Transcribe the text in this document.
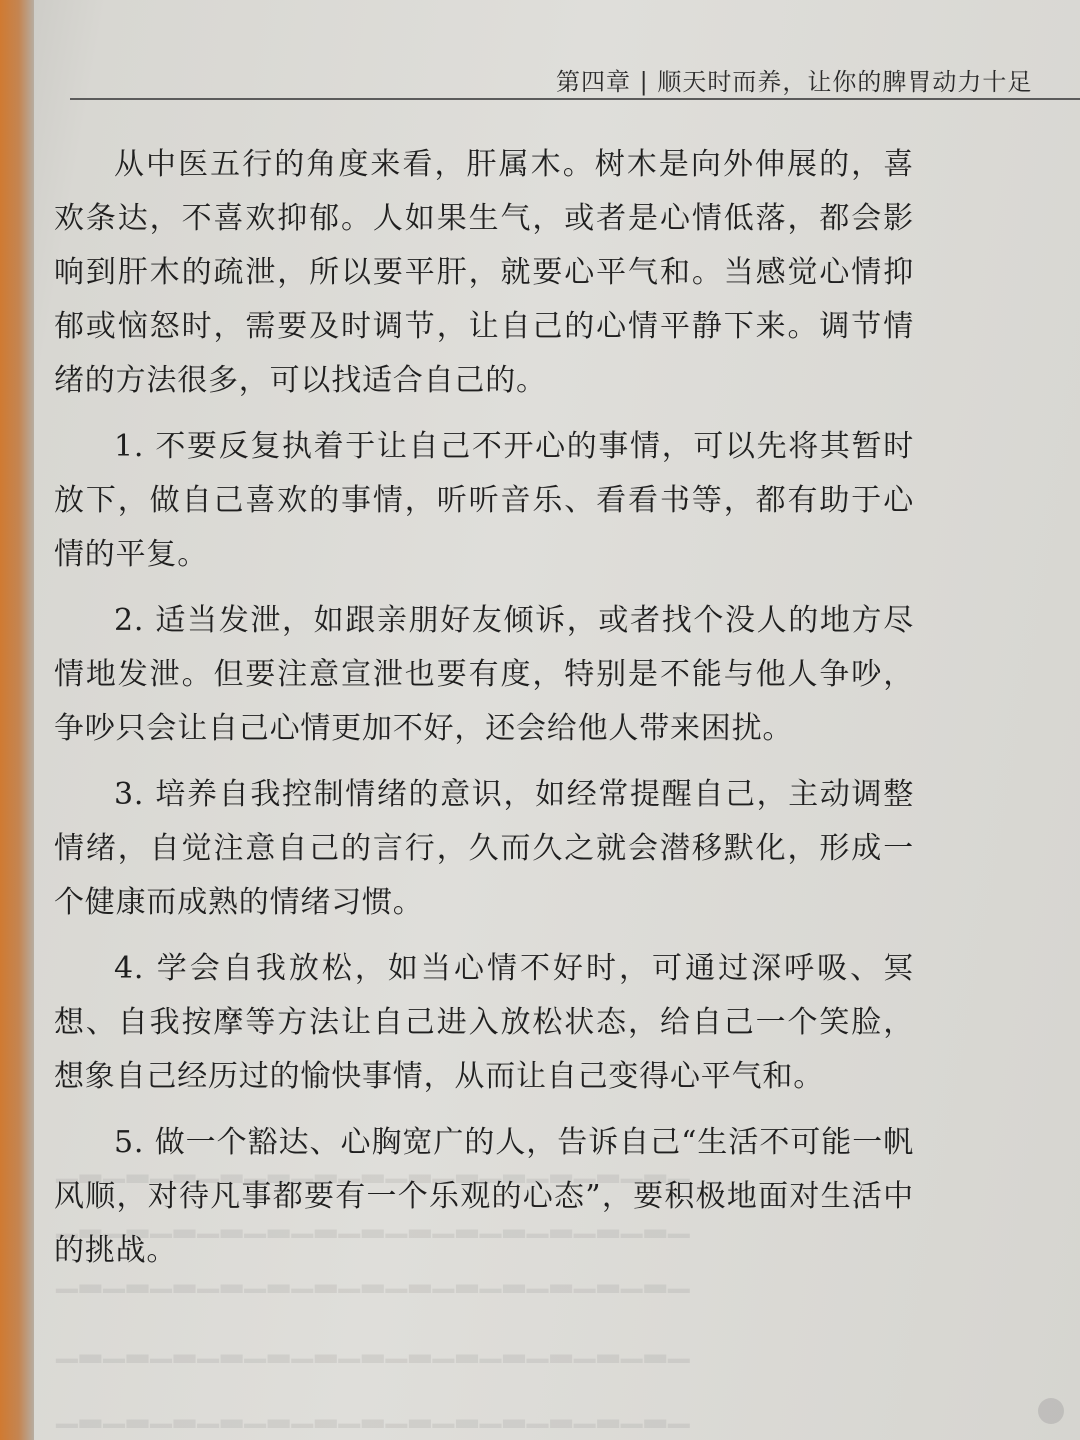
第四章 | 顺天时而养，让你的脾胃动力十足
▁▂▁▂▁▂▁▂▁▂▁▂▁▂▁▂▁▂▁▂▁▂▁▂▁▂▁
▁▂▁▂▁▂▁▂▁▂▁▂▁▂▁▂▁▂▁▂▁▂▁▂▁▂▁
▁▂▁▂▁▂▁▂▁▂▁▂▁▂▁▂▁▂▁▂▁▂▁▂▁▂▁
▁▂▁▂▁▂▁▂▁▂▁▂▁▂▁▂▁▂▁▂▁▂▁▂▁▂▁
▁▂▁▂▁▂▁▂▁▂▁▂▁▂▁▂▁▂▁▂▁▂▁▂▁▂▁

从中医五行的角度来看，肝属木。树木是向外伸展的，喜欢条达，不喜欢抑郁。人如果生气，或者是心情低落，都会影响到肝木的疏泄，所以要平肝，就要心平气和。当感觉心情抑郁或恼怒时，需要及时调节，让自己的心情平静下来。调节情绪的方法很多，可以找适合自己的。

1. 不要反复执着于让自己不开心的事情，可以先将其暂时放下，做自己喜欢的事情，听听音乐、看看书等，都有助于心情的平复。

2. 适当发泄，如跟亲朋好友倾诉，或者找个没人的地方尽情地发泄。但要注意宣泄也要有度，特别是不能与他人争吵，争吵只会让自己心情更加不好，还会给他人带来困扰。

3. 培养自我控制情绪的意识，如经常提醒自己，主动调整情绪，自觉注意自己的言行，久而久之就会潜移默化，形成一个健康而成熟的情绪习惯。

4. 学会自我放松，如当心情不好时，可通过深呼吸、冥想、自我按摩等方法让自己进入放松状态，给自己一个笑脸，想象自己经历过的愉快事情，从而让自己变得心平气和。

5. 做一个豁达、心胸宽广的人，告诉自己“生活不可能一帆风顺，对待凡事都要有一个乐观的心态”，要积极地面对生活中的挑战。
